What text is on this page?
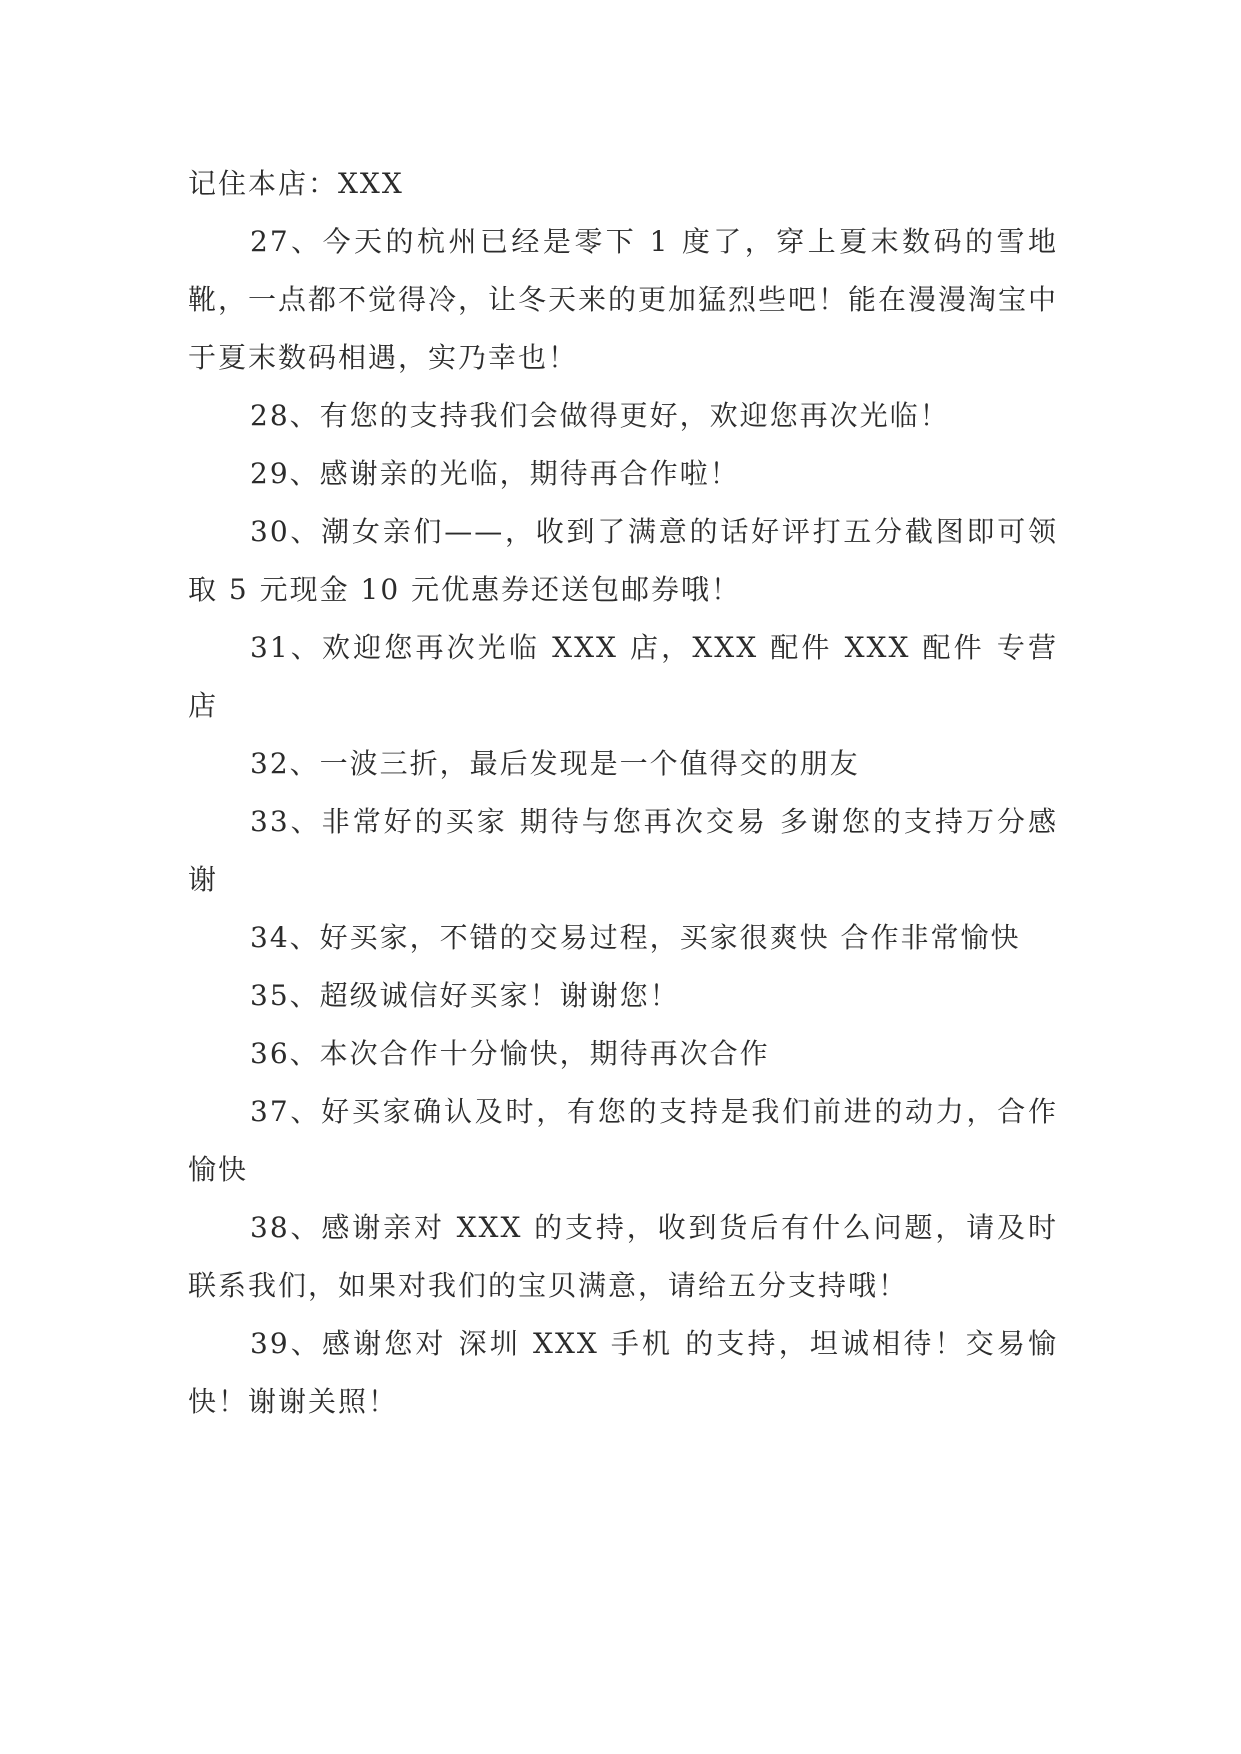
记住本店：XXX

27、今天的杭州已经是零下 1 度了，穿上夏末数码的雪地靴，一点都不觉得冷，让冬天来的更加猛烈些吧！能在漫漫淘宝中于夏末数码相遇，实乃幸也！

28、有您的支持我们会做得更好，欢迎您再次光临！

29、感谢亲的光临，期待再合作啦！

30、潮女亲们——，收到了满意的话好评打五分截图即可领取 5 元现金 10 元优惠券还送包邮券哦！

31、欢迎您再次光临 XXX 店，XXX 配件 XXX 配件 专营店

32、一波三折，最后发现是一个值得交的朋友

33、非常好的买家 期待与您再次交易 多谢您的支持万分感谢

34、好买家，不错的交易过程，买家很爽快 合作非常愉快

35、超级诚信好买家！谢谢您！

36、本次合作十分愉快，期待再次合作

37、好买家确认及时，有您的支持是我们前进的动力，合作愉快

38、感谢亲对 XXX 的支持，收到货后有什么问题，请及时联系我们，如果对我们的宝贝满意，请给五分支持哦！

39、感谢您对 深圳 XXX 手机 的支持，坦诚相待！交易愉快！谢谢关照！
